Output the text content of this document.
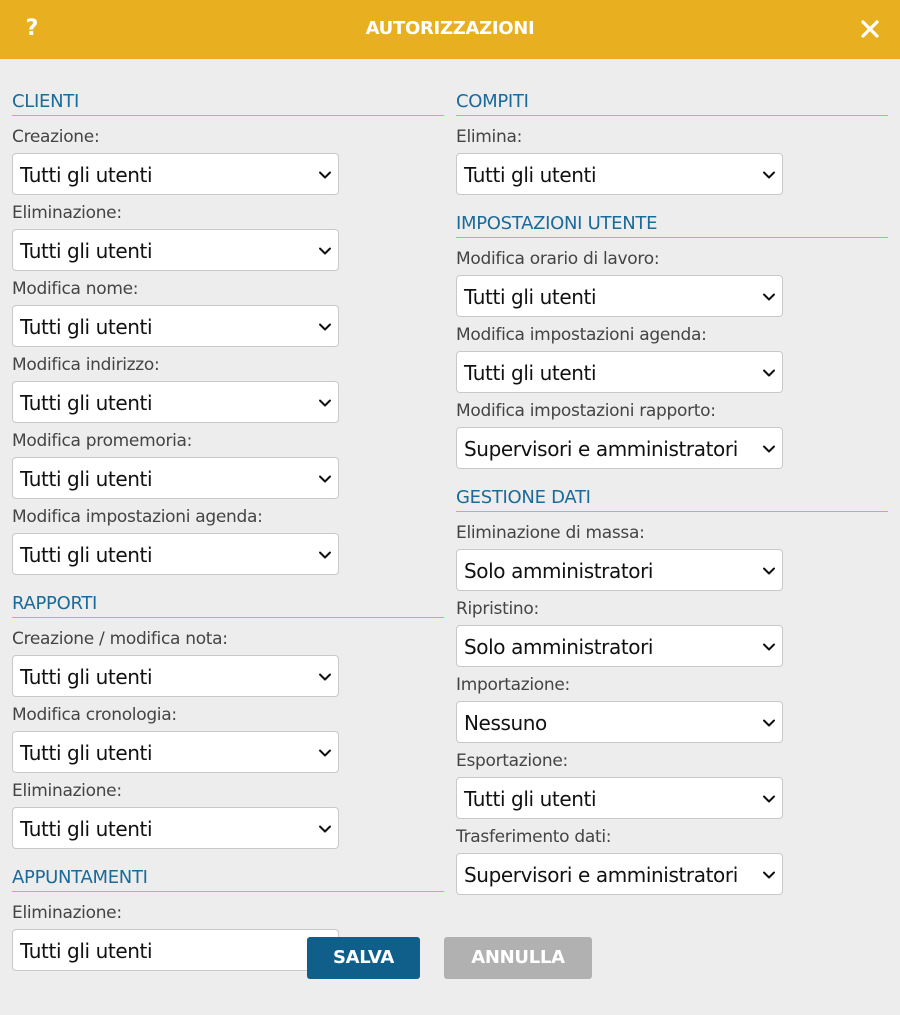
?	AUTORIZZAZIONI
CLIENTI
Creazione:
Tutti gli utenti
Eliminazione:
Tutti gli utenti
Modifica nome:
Tutti gli utenti
Modifica indirizzo:
Tutti gli utenti
Modifica promemoria:
Tutti gli utenti
Modifica impostazioni agenda:
Tutti gli utenti
RAPPORTI
Creazione / modifica nota:
Tutti gli utenti
Modifica cronologia:
Tutti gli utenti
Eliminazione:
Tutti gli utenti
APPUNTAMENTI
Eliminazione:
Tutti gli utenti
COMPITI
Elimina:
Tutti gli utenti
IMPOSTAZIONI UTENTE
Modifica orario di lavoro:
Tutti gli utenti
Modifica impostazioni agenda:
Tutti gli utenti
Modifica impostazioni rapporto:
Supervisori e amministratori
GESTIONE DATI
Eliminazione di massa:
Solo amministratori
Ripristino:
Solo amministratori
Importazione:
Nessuno
Esportazione:
Tutti gli utenti
Trasferimento dati:
Supervisori e amministratori
SALVA	ANNULLA
